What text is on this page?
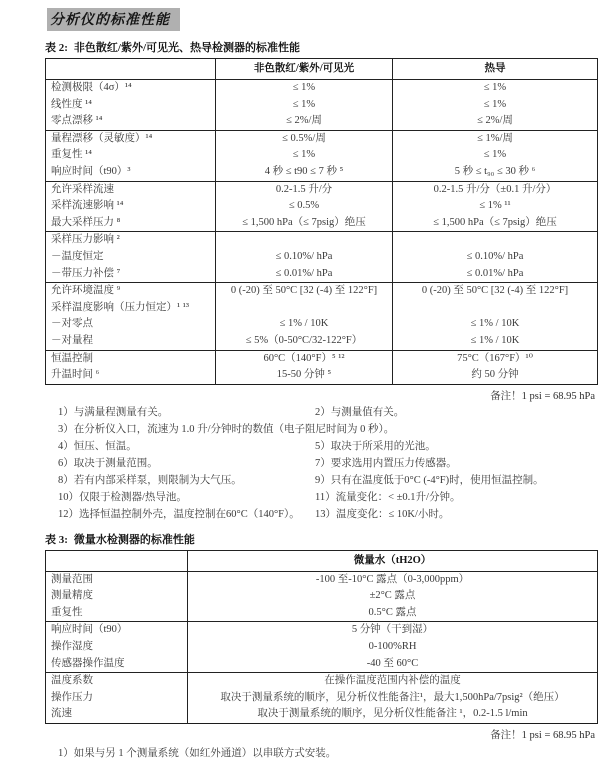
分析仪的标准性能
表 2: 非色散红/紫外/可见光、热导检测器的标准性能
	非色散红/紫外/可见光	热导
检测极限（4σ）¹⁴	≤ 1%	≤ 1%
线性度 ¹⁴	≤ 1%	≤ 1%
零点漂移 ¹⁴	≤ 2%/周	≤ 2%/周
量程漂移（灵敏度）¹⁴	≤ 0.5%/周	≤ 1%/周
重复性 ¹⁴	≤ 1%	≤ 1%
响应时间（t90）³	4 秒 ≤ t90 ≤ 7 秒 ⁵	5 秒 ≤ t₉₀ ≤ 30 秒 ⁶
允许采样流速	0.2-1.5 升/分	0.2-1.5 升/分（±0.1 升/分）
采样流速影响 ¹⁴	≤ 0.5%	≤ 1% ¹¹
最大采样压力 ⁸	≤ 1,500 hPa（≤ 7psig）绝压	≤ 1,500 hPa（≤ 7psig）绝压
采样压力影响 ²		
－温度恒定	≤ 0.10%/ hPa	≤ 0.10%/ hPa
－带压力补偿 ⁷	≤ 0.01%/ hPa	≤ 0.01%/ hPa
允许环境温度 ⁹	0 (-20) 至 50°C [32 (-4) 至 122°F]	0 (-20) 至 50°C [32 (-4) 至 122°F]
采样温度影响（压力恒定）¹ ¹³		
－对零点	≤ 1% / 10K	≤ 1% / 10K
－对量程	≤ 5%（0-50°C/32-122°F）	≤ 1% / 10K
恒温控制	60°C（140°F）⁵ ¹²	75°C（167°F）¹⁰
升温时间 ⁶	15-50 分钟 ⁵	约 50 分钟
备注！1 psi = 68.95 hPa
1）与满量程测量有关。	2）与测量值有关。
3）在分析仪入口，流速为 1.0 升/分钟时的数值（电子阻尼时间为 0 秒）。
4）恒压、恒温。	5）取决于所采用的光池。
6）取决于测量范围。	7）要求选用内置压力传感器。
8）若有内部采样泵，则限制为大气压。	9）只有在温度低于0°C (-4°F)时，使用恒温控制。
10）仅限于检测器/热导池。	11）流量变化：< ±0.1升/分钟。
12）选择恒温控制外壳，温度控制在60°C（140°F）。	13）温度变化：≤ 10K/小时。
表 3: 微量水检测器的标准性能
	微量水（tH2O）
测量范围	-100 至-10°C 露点（0-3,000ppm）
测量精度	±2°C 露点
重复性	0.5°C 露点
响应时间（t90）	5 分钟（干到湿）
操作湿度	0-100%RH
传感器操作温度	-40 至 60°C
温度系数	在操作温度范围内补偿的温度
操作压力	取决于测量系统的顺序，见分析仪性能备注¹，最大1,500hPa/7psig²（绝压）
流速	取决于测量系统的顺序，见分析仪性能备注 ¹，0.2-1.5 l/min
备注！1 psi = 68.95 hPa
1）如果与另 1 个测量系统（如红外通道）以串联方式安装。
